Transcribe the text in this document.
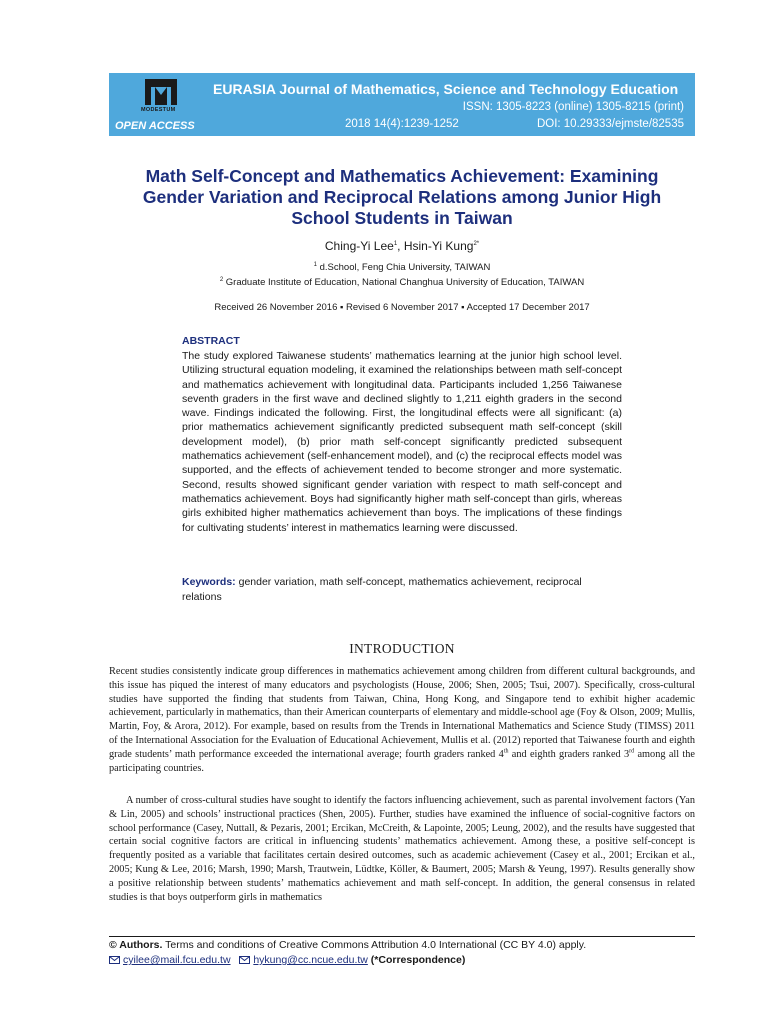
MODESTUM
EURASIA Journal of Mathematics, Science and Technology Education
ISSN: 1305-8223 (online) 1305-8215 (print)
2018 14(4):1239-1252	DOI: 10.29333/ejmste/82535
OPEN ACCESS
Math Self-Concept and Mathematics Achievement: Examining Gender Variation and Reciprocal Relations among Junior High School Students in Taiwan
Ching-Yi Lee$^1$, Hsin-Yi Kung$^{2*}$
$^1$ d.School, Feng Chia University, TAIWAN
$^2$ Graduate Institute of Education, National Changhua University of Education, TAIWAN
Received 26 November 2016 ▪ Revised 6 November 2017 ▪ Accepted 17 December 2017
ABSTRACT

The study explored Taiwanese students’ mathematics learning at the junior high school level. Utilizing structural equation modeling, it examined the relationships between math self-concept and mathematics achievement with longitudinal data. Participants included 1,256 Taiwanese seventh graders in the first wave and declined slightly to 1,211 eighth graders in the second wave. Findings indicated the following. First, the longitudinal effects were all significant: (a) prior mathematics achievement significantly predicted subsequent math self-concept (skill development model), (b) prior math self-concept significantly predicted subsequent mathematics achievement (self-enhancement model), and (c) the reciprocal effects model was supported, and the effects of achievement tended to become stronger and more systematic. Second, results showed significant gender variation with respect to math self-concept and mathematics achievement. Boys had significantly higher math self-concept than girls, whereas girls exhibited higher mathematics achievement than boys. The implications of these findings for cultivating students’ interest in mathematics learning were discussed.

Keywords: gender variation, math self-concept, mathematics achievement, reciprocal relations
INTRODUCTION

Recent studies consistently indicate group differences in mathematics achievement among children from different cultural backgrounds, and this issue has piqued the interest of many educators and psychologists (House, 2006; Shen, 2005; Tsui, 2007). Specifically, cross-cultural studies have supported the finding that students from Taiwan, China, Hong Kong, and Singapore tend to exhibit higher academic achievement, particularly in mathematics, than their American counterparts of elementary and middle-school age (Foy & Olson, 2009; Mullis, Martin, Foy, & Arora, 2012). For example, based on results from the Trends in International Mathematics and Science Study (TIMSS) 2011 of the International Association for the Evaluation of Educational Achievement, Mullis et al. (2012) reported that Taiwanese fourth and eighth grade students’ math performance exceeded the international average; fourth graders ranked 4th and eighth graders ranked 3rd among all the participating countries.

A number of cross-cultural studies have sought to identify the factors influencing achievement, such as parental involvement factors (Yan & Lin, 2005) and schools’ instructional practices (Shen, 2005). Further, studies have examined the influence of social-cognitive factors on school performance (Casey, Nuttall, & Pezaris, 2001; Ercikan, McCreith, & Lapointe, 2005; Leung, 2002), and the results have suggested that certain social cognitive factors are critical in influencing students’ mathematics achievement. Among these, a positive self-concept is frequently posited as a variable that facilitates certain desired outcomes, such as academic achievement (Casey et al., 2001; Ercikan et al., 2005; Kung & Lee, 2016; Marsh, 1990; Marsh, Trautwein, Lüdtke, Köller, & Baumert, 2005; Marsh & Yeung, 1997). Results generally show a positive relationship between students’ mathematics achievement and math self-concept. In addition, the general consensus in related studies is that boys outperform girls in mathematics

© Authors. Terms and conditions of Creative Commons Attribution 4.0 International (CC BY 4.0) apply.
cyilee@mail.fcu.edu.tw hykung@cc.ncue.edu.tw (*Correspondence)
